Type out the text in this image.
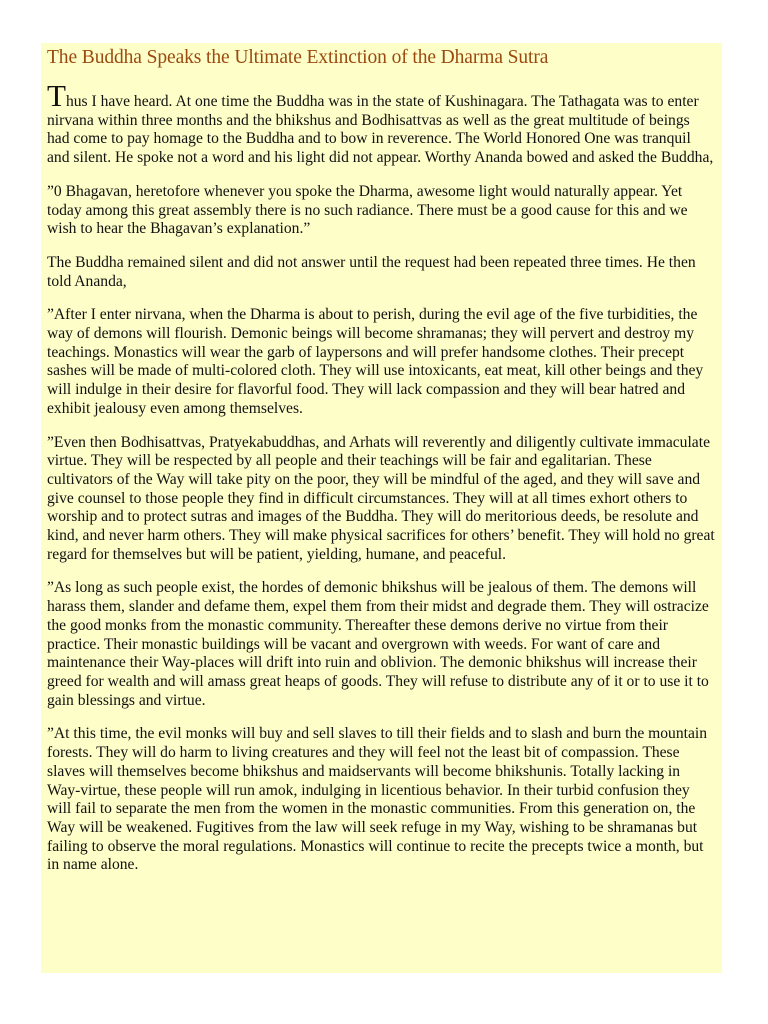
The Buddha Speaks the Ultimate Extinction of the Dharma Sutra

Thus I have heard. At one time the Buddha was in the state of Kushinagara. The Tathagata was to enter nirvana within three months and the bhikshus and Bodhisattvas as well as the great multitude of beings had come to pay homage to the Buddha and to bow in reverence. The World Honored One was tranquil and silent. He spoke not a word and his light did not appear. Worthy Ananda bowed and asked the Buddha,

”0 Bhagavan, heretofore whenever you spoke the Dharma, awesome light would naturally appear. Yet today among this great assembly there is no such radiance. There must be a good cause for this and we wish to hear the Bhagavan’s explanation.”

The Buddha remained silent and did not answer until the request had been repeated three times. He then told Ananda,

”After I enter nirvana, when the Dharma is about to perish, during the evil age of the five turbidities, the way of demons will flourish. Demonic beings will become shramanas; they will pervert and destroy my teachings. Monastics will wear the garb of laypersons and will prefer handsome clothes. Their precept sashes will be made of multi-colored cloth. They will use intoxicants, eat meat, kill other beings and they will indulge in their desire for flavorful food. They will lack compassion and they will bear hatred and exhibit jealousy even among themselves.

”Even then Bodhisattvas, Pratyekabuddhas, and Arhats will reverently and diligently cultivate immaculate virtue. They will be respected by all people and their teachings will be fair and egalitarian. These cultivators of the Way will take pity on the poor, they will be mindful of the aged, and they will save and give counsel to those people they find in difficult circumstances. They will at all times exhort others to worship and to protect sutras and images of the Buddha. They will do meritorious deeds, be resolute and kind, and never harm others. They will make physical sacrifices for others’ benefit. They will hold no great regard for themselves but will be patient, yielding, humane, and peaceful.

”As long as such people exist, the hordes of demonic bhikshus will be jealous of them. The demons will harass them, slander and defame them, expel them from their midst and degrade them. They will ostracize the good monks from the monastic community. Thereafter these demons derive no virtue from their practice. Their monastic buildings will be vacant and overgrown with weeds. For want of care and maintenance their Way-places will drift into ruin and oblivion. The demonic bhikshus will increase their greed for wealth and will amass great heaps of goods. They will refuse to distribute any of it or to use it to gain blessings and virtue.

”At this time, the evil monks will buy and sell slaves to till their fields and to slash and burn the mountain forests. They will do harm to living creatures and they will feel not the least bit of compassion. These slaves will themselves become bhikshus and maidservants will become bhikshunis. Totally lacking in Way-virtue, these people will run amok, indulging in licentious behavior. In their turbid confusion they will fail to separate the men from the women in the monastic communities. From this generation on, the Way will be weakened. Fugitives from the law will seek refuge in my Way, wishing to be shramanas but failing to observe the moral regulations. Monastics will continue to recite the precepts twice a month, but in name alone.
